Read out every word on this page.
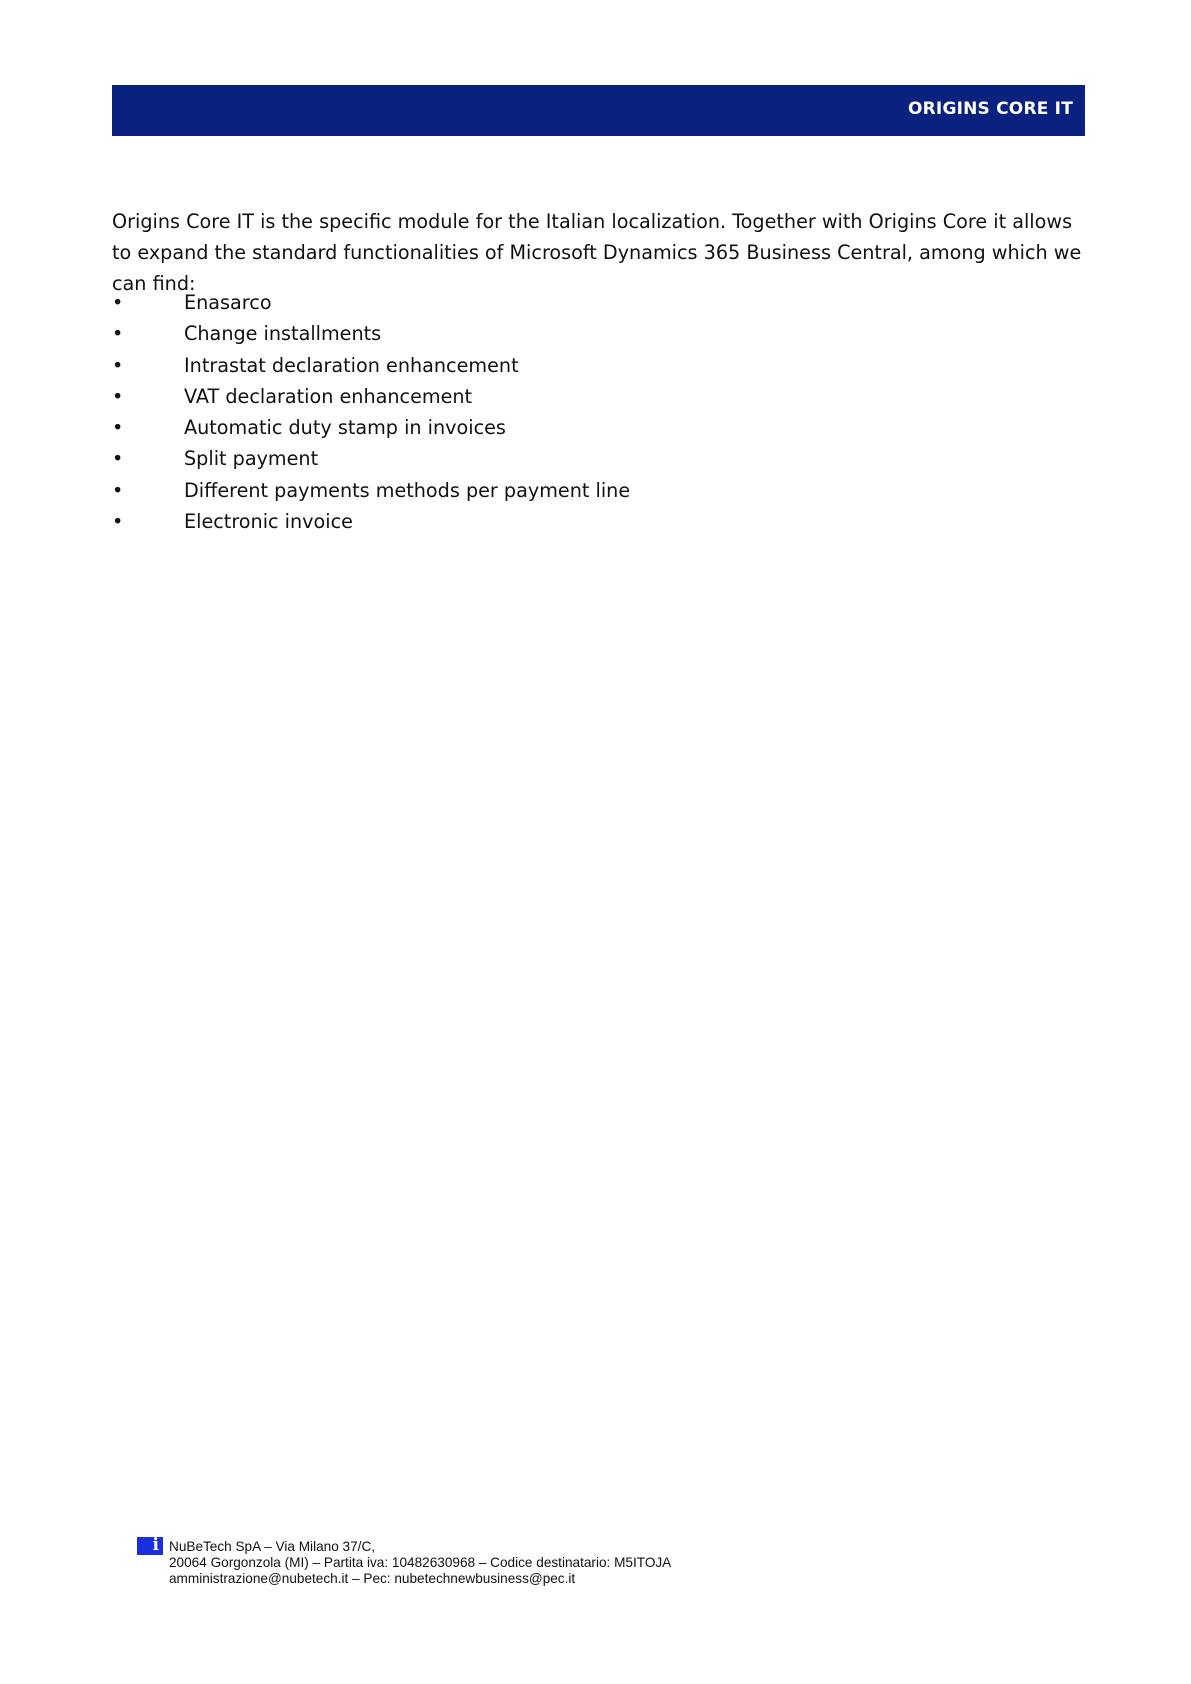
ORIGINS CORE IT

Origins Core IT is the specific module for the Italian localization. Together with Origins Core it allows to expand the standard functionalities of Microsoft Dynamics 365 Business Central, among which we can find:

•	Enasarco
•	Change installments
•	Intrastat declaration enhancement
•	VAT declaration enhancement
•	Automatic duty stamp in invoices
•	Split payment
•	Different payments methods per payment line
•	Electronic invoice
i NuBeTech SpA – Via Milano 37/C,
20064 Gorgonzola (MI) – Partita iva: 10482630968 – Codice destinatario: M5ITOJA
amministrazione@nubetech.it – Pec: nubetechnewbusiness@pec.it
